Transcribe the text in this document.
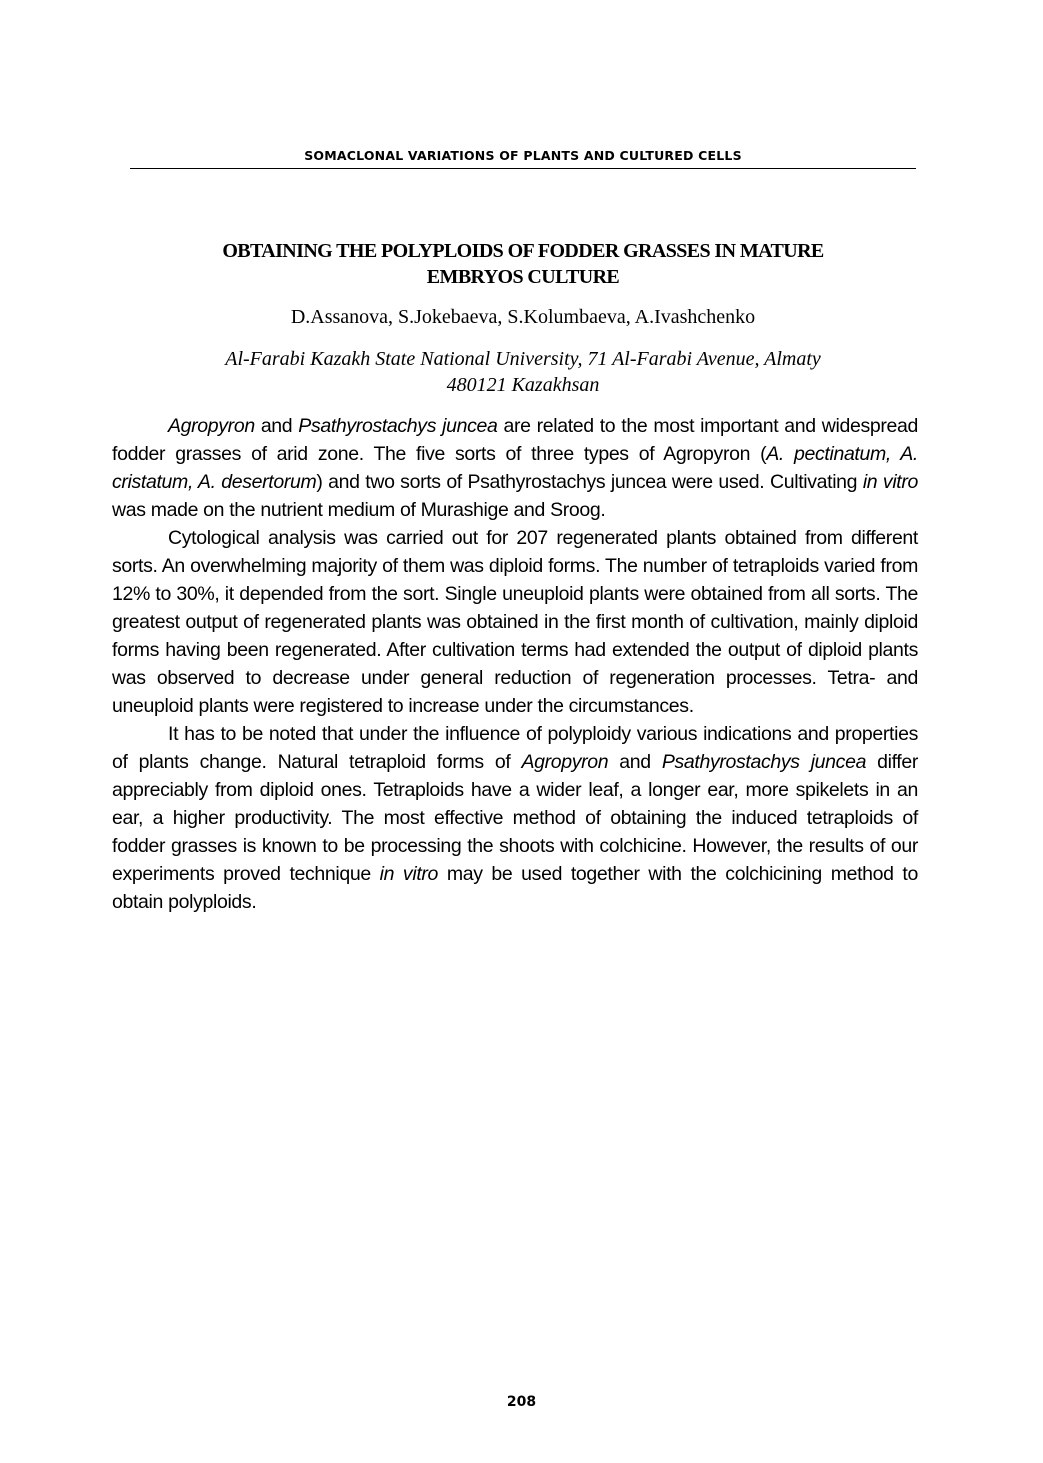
SOMACLONAL VARIATIONS OF PLANTS AND CULTURED CELLS
OBTAINING THE POLYPLOIDS OF FODDER GRASSES IN MATURE
EMBRYOS CULTURE
D.Assanova, S.Jokebaeva, S.Kolumbaeva, A.Ivashchenko
Al-Farabi Kazakh State National University, 71 Al-Farabi Avenue, Almaty
480121 Kazakhsan

Agropyron and Psathyrostachys juncea are related to the most important and widespread fodder grasses of arid zone. The five sorts of three types of Agropyron (A. pectinatum, A. cristatum, A. desertorum) and two sorts of Psathyrostachys juncea were used. Cultivating in vitro was made on the nutrient medium of Murashige and Sroog.

Cytological analysis was carried out for 207 regenerated plants obtained from different sorts. An overwhelming majority of them was diploid forms. The number of tetraploids varied from 12% to 30%, it depended from the sort. Single uneuploid plants were obtained from all sorts. The greatest output of regenerated plants was obtained in the first month of cultivation, mainly diploid forms having been regenerated. After cultivation terms had extended the output of diploid plants was observed to decrease under general reduction of regeneration processes. Tetra- and uneuploid plants were registered to increase under the circumstances.

It has to be noted that under the influence of polyploidy various indications and properties of plants change. Natural tetraploid forms of Agropyron and Psathyrostachys juncea differ appreciably from diploid ones. Tetraploids have a wider leaf, a longer ear, more spikelets in an ear, a higher productivity. The most effective method of obtaining the induced tetraploids of fodder grasses is known to be processing the shoots with colchicine. However, the results of our experiments proved technique in vitro may be used together with the colchicining method to obtain polyploids.

208
